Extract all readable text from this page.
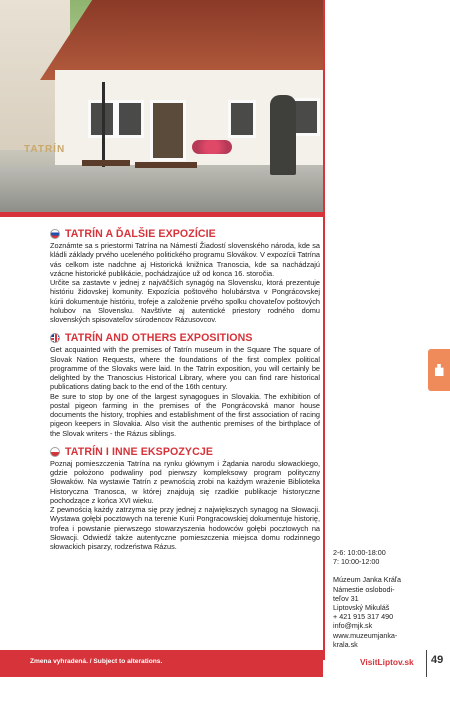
TATRÍN
TATRÍN A ĎALŠIE EXPOZÍCIE

Zoznámte sa s priestormi Tatrína na Námestí Žiadostí slovenského národa, kde sa kládli základy prvého uceleného politického programu Slovákov. V expozícii Tatrína vás celkom iste nadchne aj Historická knižnica Tranoscia, kde sa nachádzajú vzácne historické publikácie, pochádzajúce už od konca 16. storočia.

Určite sa zastavte v jednej z najväčších synagóg na Slovensku, ktorá prezentuje históriu židovskej komunity. Expozícia poštového holubárstva v Pongrácovskej kúrii dokumentuje históriu, trofeje a založenie prvého spolku chovateľov poštových holubov na Slovensku. Navštívte aj autentické priestory rodného domu slovenských spisovateľov súrodencov Rázusovcov.

TATRÍN AND OTHERS EXPOSITIONS

Get acquainted with the premises of Tatrín museum in the Square The square of Slovak Nation Requests, where the foundations of the first complex political programme of the Slovaks were laid. In the Tatrín exposition, you will certainly be delighted by the Tranoscius Historical Library, where you can find rare historical publications dating back to the end of the 16th century.

Be sure to stop by one of the largest synagogues in Slovakia. The exhibition of postal pigeon farming in the premises of the Pongrácovská manor house documents the history, trophies and establishment of the first association of racing pigeon keepers in Slovakia. Also visit the authentic premises of the birthplace of the Slovak writers - the Rázus siblings.

TATRÍN I INNE EKSPOZYCJE

Poznaj pomieszczenia Tatrína na rynku głównym i Żądania narodu słowackiego, gdzie położono podwaliny pod pierwszy kompleksowy program polityczny Słowaków. Na wystawie Tatrín z pewnością zrobi na każdym wrażenie Biblioteka Historyczna Tranosca, w której znajdują się rzadkie publikacje historyczne pochodzące z końca XVI wieku.

Z pewnością każdy zatrzyma się przy jednej z największych synagog na Słowacji. Wystawa gołębi pocztowych na terenie Kurii Pongracowskiej dokumentuje historię, trofea i powstanie pierwszego stowarzyszenia hodowców gołębi pocztowych na Słowacji. Odwiedź także autentyczne pomieszczenia miejsca domu rodzinnego słowackich pisarzy, rodzeństwa Rázus.

2-6: 10:00-18:00

7: 10:00-12:00

Múzeum Janka Kráľa

Námestie oslobodi-

teľov 31

Liptovský Mikuláš

+ 421 915 317 490

info@mjk.sk

www.muzeumjanka-

krala.sk

Zmena vyhradená. / Subject to alterations.	VisitLiptov.sk 49
